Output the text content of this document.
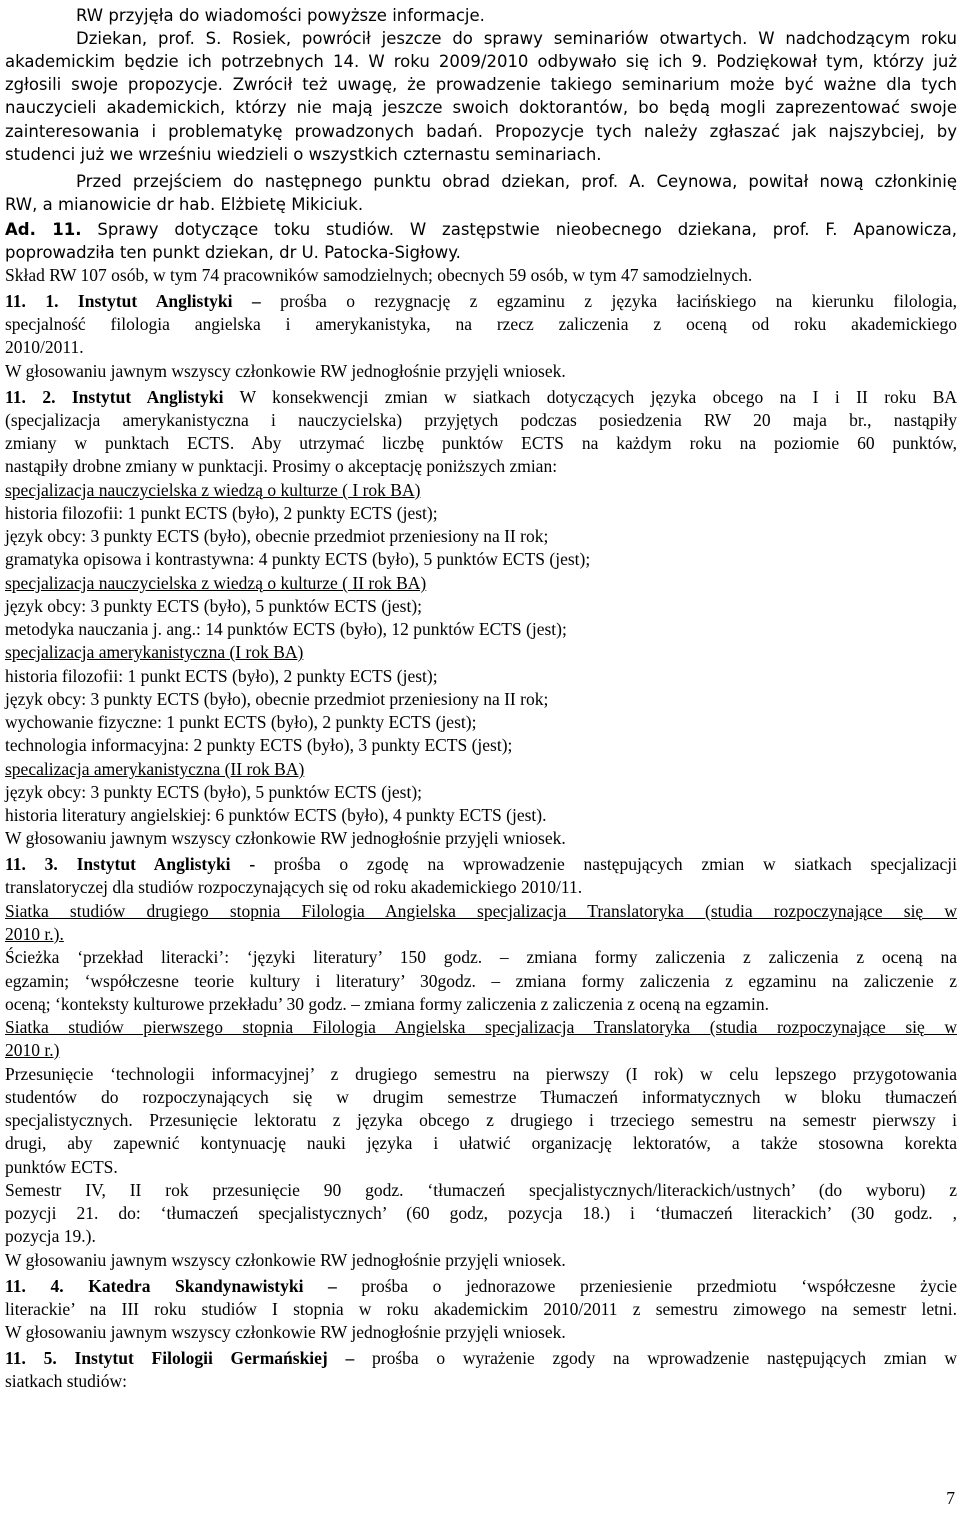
RW przyjęła do wiadomości powyższe informacje.
Dziekan, prof. S. Rosiek, powrócił jeszcze do sprawy seminariów otwartych. W nadchodzącym roku
akademickim będzie ich potrzebnych 14. W roku 2009/2010 odbywało się ich 9. Podziękował tym, którzy już
zgłosili swoje propozycje. Zwrócił też uwagę, że prowadzenie takiego seminarium może być ważne dla tych
nauczycieli akademickich, którzy nie mają jeszcze swoich doktorantów, bo będą mogli zaprezentować swoje
zainteresowania i problematykę prowadzonych badań. Propozycje tych należy zgłaszać jak najszybciej, by
studenci już we wrześniu wiedzieli o wszystkich czternastu seminariach.
Przed przejściem do następnego punktu obrad dziekan, prof. A. Ceynowa, powitał nową członkinię
RW, a mianowicie dr hab. Elżbietę Mikiciuk.
Ad. 11. Sprawy dotyczące toku studiów. W zastępstwie nieobecnego dziekana, prof. F. Apanowicza,
poprowadziła ten punkt dziekan, dr U. Patocka-Sigłowy.
Skład RW 107 osób, w tym 74 pracowników samodzielnych; obecnych 59 osób, w tym 47 samodzielnych.
11. 1. Instytut Anglistyki – prośba o rezygnację z egzaminu z języka łacińskiego na kierunku filologia,
specjalność filologia angielska i amerykanistyka, na rzecz zaliczenia z oceną od roku akademickiego
2010/2011.
W głosowaniu jawnym wszyscy członkowie RW jednogłośnie przyjęli wniosek.
11. 2. Instytut Anglistyki W konsekwencji zmian w siatkach dotyczących języka obcego na I i II roku BA
(specjalizacja amerykanistyczna i nauczycielska) przyjętych podczas posiedzenia RW 20 maja br., nastąpiły
zmiany w punktach ECTS. Aby utrzymać liczbę punktów ECTS na każdym roku na poziomie 60 punktów,
nastąpiły drobne zmiany w punktacji. Prosimy o akceptację poniższych zmian:
specjalizacja nauczycielska z wiedzą o kulturze ( I rok BA)
historia filozofii: 1 punkt ECTS (było), 2 punkty ECTS (jest);
język obcy: 3 punkty ECTS (było), obecnie przedmiot przeniesiony na II rok;
gramatyka opisowa i kontrastywna: 4 punkty ECTS (było), 5 punktów ECTS (jest);
specjalizacja nauczycielska z wiedzą o kulturze ( II rok BA)
język obcy: 3 punkty ECTS (było), 5 punktów ECTS (jest);
metodyka nauczania j. ang.: 14 punktów ECTS (było), 12 punktów ECTS (jest);
specjalizacja amerykanistyczna (I rok BA)
historia filozofii: 1 punkt ECTS (było), 2 punkty ECTS (jest);
język obcy: 3 punkty ECTS (było), obecnie przedmiot przeniesiony na II rok;
wychowanie fizyczne: 1 punkt ECTS (było), 2 punkty ECTS (jest);
technologia informacyjna: 2 punkty ECTS (było), 3 punkty ECTS (jest);
specalizacja amerykanistyczna (II rok BA)
język obcy: 3 punkty ECTS (było), 5 punktów ECTS (jest);
historia literatury angielskiej: 6 punktów ECTS (było), 4 punkty ECTS (jest).
W głosowaniu jawnym wszyscy członkowie RW jednogłośnie przyjęli wniosek.
11. 3. Instytut Anglistyki - prośba o zgodę na wprowadzenie następujących zmian w siatkach specjalizacji
translatoryczej dla studiów rozpoczynających się od roku akademickiego 2010/11.
Siatka studiów drugiego stopnia Filologia Angielska specjalizacja Translatoryka (studia rozpoczynające się w
2010 r.).
Ścieżka ‘przekład literacki’: ‘języki literatury’ 150 godz. – zmiana formy zaliczenia z zaliczenia z oceną na
egzamin; ‘współczesne teorie kultury i literatury’ 30godz. – zmiana formy zaliczenia z egzaminu na zaliczenie z
oceną; ‘konteksty kulturowe przekładu’ 30 godz. – zmiana formy zaliczenia z zaliczenia z oceną na egzamin.
Siatka studiów pierwszego stopnia Filologia Angielska specjalizacja Translatoryka (studia rozpoczynające się w
2010 r.)
Przesunięcie ‘technologii informacyjnej’ z drugiego semestru na pierwszy (I rok) w celu lepszego przygotowania
studentów do rozpoczynających się w drugim semestrze Tłumaczeń informatycznych w bloku tłumaczeń
specjalistycznych. Przesunięcie lektoratu z języka obcego z drugiego i trzeciego semestru na semestr pierwszy i
drugi, aby zapewnić kontynuację nauki języka i ułatwić organizację lektoratów, a także stosowna korekta
punktów ECTS.
Semestr IV, II rok przesunięcie 90 godz. ‘tłumaczeń specjalistycznych/literackich/ustnych’ (do wyboru) z
pozycji 21. do: ‘tłumaczeń specjalistycznych’ (60 godz, pozycja 18.) i ‘tłumaczeń literackich’ (30 godz. ,
pozycja 19.).
W głosowaniu jawnym wszyscy członkowie RW jednogłośnie przyjęli wniosek.
11. 4. Katedra Skandynawistyki – prośba o jednorazowe przeniesienie przedmiotu ‘współczesne życie
literackie’ na III roku studiów I stopnia w roku akademickim 2010/2011 z semestru zimowego na semestr letni.
W głosowaniu jawnym wszyscy członkowie RW jednogłośnie przyjęli wniosek.
11. 5. Instytut Filologii Germańskiej – prośba o wyrażenie zgody na wprowadzenie następujących zmian w
siatkach studiów:
7
